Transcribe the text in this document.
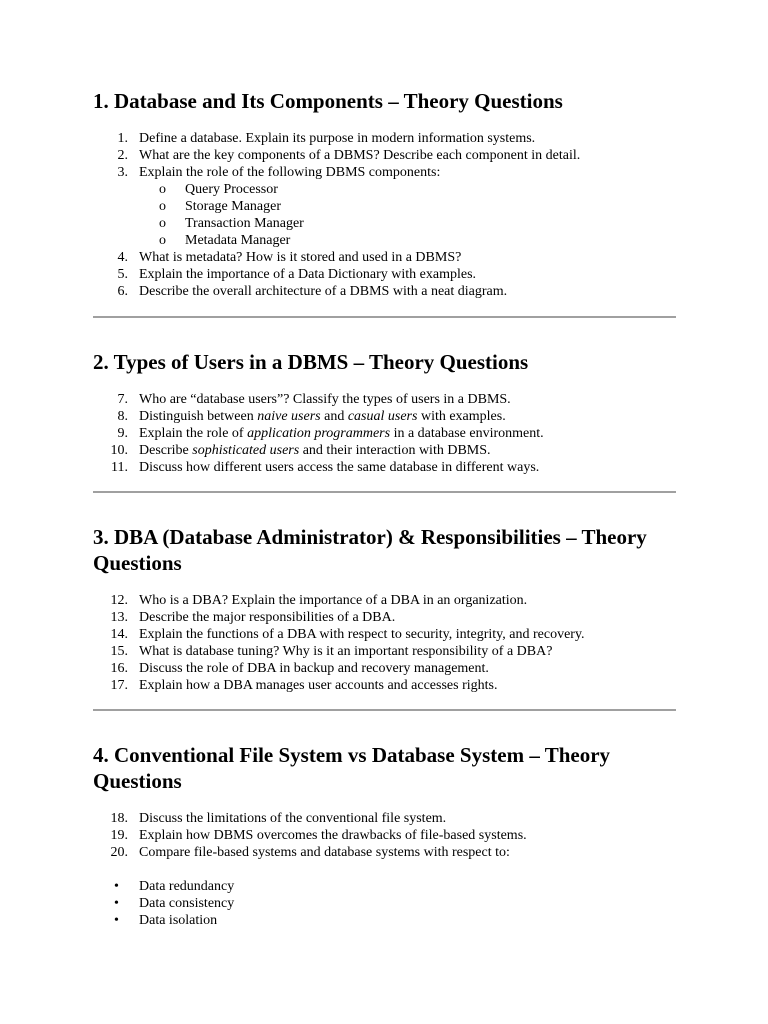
1. Database and Its Components – Theory Questions
1. Define a database. Explain its purpose in modern information systems.
2. What are the key components of a DBMS? Describe each component in detail.
3. Explain the role of the following DBMS components:
o	Query Processor
o	Storage Manager
o	Transaction Manager
o	Metadata Manager
4. What is metadata? How is it stored and used in a DBMS?
5. Explain the importance of a Data Dictionary with examples.
6. Describe the overall architecture of a DBMS with a neat diagram.
2. Types of Users in a DBMS – Theory Questions
7. Who are “database users”? Classify the types of users in a DBMS.
8. Distinguish between naive users and casual users with examples.
9. Explain the role of application programmers in a database environment.
10. Describe sophisticated users and their interaction with DBMS.
11. Discuss how different users access the same database in different ways.
3. DBA (Database Administrator) & Responsibilities – Theory Questions
12. Who is a DBA? Explain the importance of a DBA in an organization.
13. Describe the major responsibilities of a DBA.
14. Explain the functions of a DBA with respect to security, integrity, and recovery.
15. What is database tuning? Why is it an important responsibility of a DBA?
16. Discuss the role of DBA in backup and recovery management.
17. Explain how a DBA manages user accounts and accesses rights.
4. Conventional File System vs Database System – Theory Questions
18. Discuss the limitations of the conventional file system.
19. Explain how DBMS overcomes the drawbacks of file-based systems.
20. Compare file-based systems and database systems with respect to:
• Data redundancy
• Data consistency
• Data isolation
